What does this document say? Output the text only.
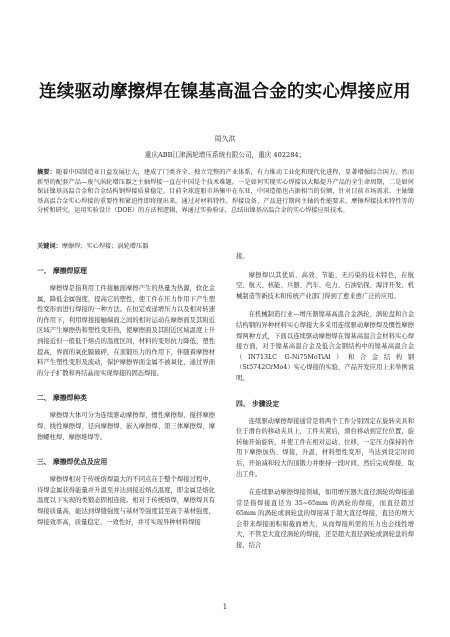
连续驱动摩擦焊在镍基高温合金的实心焊接应用
周久洪
重庆ABB江津涡轮增压系统有限公司，重庆 402284；
摘要：随着中国制造业日益发展壮大，建成了门类齐全、独立完整的产业体系，有力推动工业化和现代化进程，显著增强综合国力，然而新型的配套产品—废气涡轮增压器之主轴焊接一直在中国是个技术难题，一是如何实现实心焊接以大幅提升产品的全生命周期，二是如何保证镍基高温合金和合金结构钢焊接质量稳定。目前全球连船市场集中在东亚，中国造船也占据相当的份额，针对目前市场需求，主轴镍基高温合金实心焊接的重要性和紧迫性即将现出来。通过对材料特性、焊接设备、产品进行期间主轴的性能要求，摩擦焊接技术特性等的分析和研究，运用实验设计（DOE）的方法和逻辑，界通过实验验证，总结出镍基高温合金的实心焊接应用技术。
关键词：摩擦焊；实心焊接；涡轮增压器

一、 摩擦焊原理

摩擦焊是指利用工件接触面摩擦产生的热量为热源，软化金属，降低金属强度，提高它的塑性，使工件在压力作用下产生塑性变形而进行焊接的一种方法。在恒定或递增压力以及相对转速的作用下，利用焊接接触端面之间的相对运动在摩擦面及其附近区域产生摩擦热和塑性变形热，使摩擦面及其附近区域温度上升到接近但一般低于熔点的温度区间，材料的变形抗力降低，塑性提高，界面的氧化膜破碎，在顶锻压力的作用下，伴随着摩擦材料产生塑性变形及流动，保护摩擦界面金属不被氧化，通过界面的分子扩散和再结晶而实现焊接的固态焊接。

二、 摩擦焊种类

摩擦焊大体可分为连续驱动摩擦焊、惯性摩擦焊、搅拌摩擦焊、线性摩擦焊、径向摩擦焊、嵌入摩擦焊、第三体摩擦焊、摩擦螺柱焊、摩擦堆焊等。

三、 摩擦焊优点及应用

摩擦焊相对于传统熔焊最大的不同点在于整个焊接过程中，待焊金属获得能量并升温至并达到接近熔点温度，即金属是熔化温度以下实现的类锻态固相连接。相对于传统熔焊，摩擦焊具有焊接质量高，能达到焊缝强度与基材等强度甚至高于基材强度，焊接效率高，质量稳定，一致性好，并可实现异种材料焊接

接。

摩擦焊以其优质、高效、节能、无污染的技术特色，在航空、航天、核能、兵器、汽车、电力、石油钻探、海洋开发、机械制造等新技术和传统产业部门得到了愈来愈广泛的应用。

在机械制造行业—增压器镍基高温合金涡轮、涡轮盘和合金结构钢的异种材料实心焊接大多采用连续驱动摩擦焊及惯性摩擦焊两种方式，下面以连续驱动摩擦焊在镍基高温合金材料实心焊接方面，对于镍基高温合金及低合金钢结构中的镍基高温合金（IN713LC G-Ni75MoTiAl）和合金结构钢（St5742CrMo4）实心焊接的实验、产品开发应用上来举例说明。

四、 步骤设定

连续驱动摩擦焊接通常是将两个工件分别固定在旋转夹具和位于滑台的移动夹具上，工件夹紧后，滑台移动到定位位置，旋转轴开始旋转，并使工件在相对运动、位移，一定压力保持的作用下摩擦加热、焊接，升温，材料塑性变形，当达到设定时间后，开始减和较大的顶锻力并维持一段时间，然后完成焊接、取出工件。

在连续驱动摩擦焊接领域，如用增压器大直径涡轮的焊接通常是指焊接直径为 35~65mm 的涡轮的焊接，而直径超过 65mm 的涡轮或涡轮盘的焊接基于超大直径焊接，直径的增大会带来焊接面积和截面增大，从而焊接所需的压力也会线性增大，不管是大直径涡轮的焊接，还是超大直径涡轮或涡轮盘的焊接，结合

1
